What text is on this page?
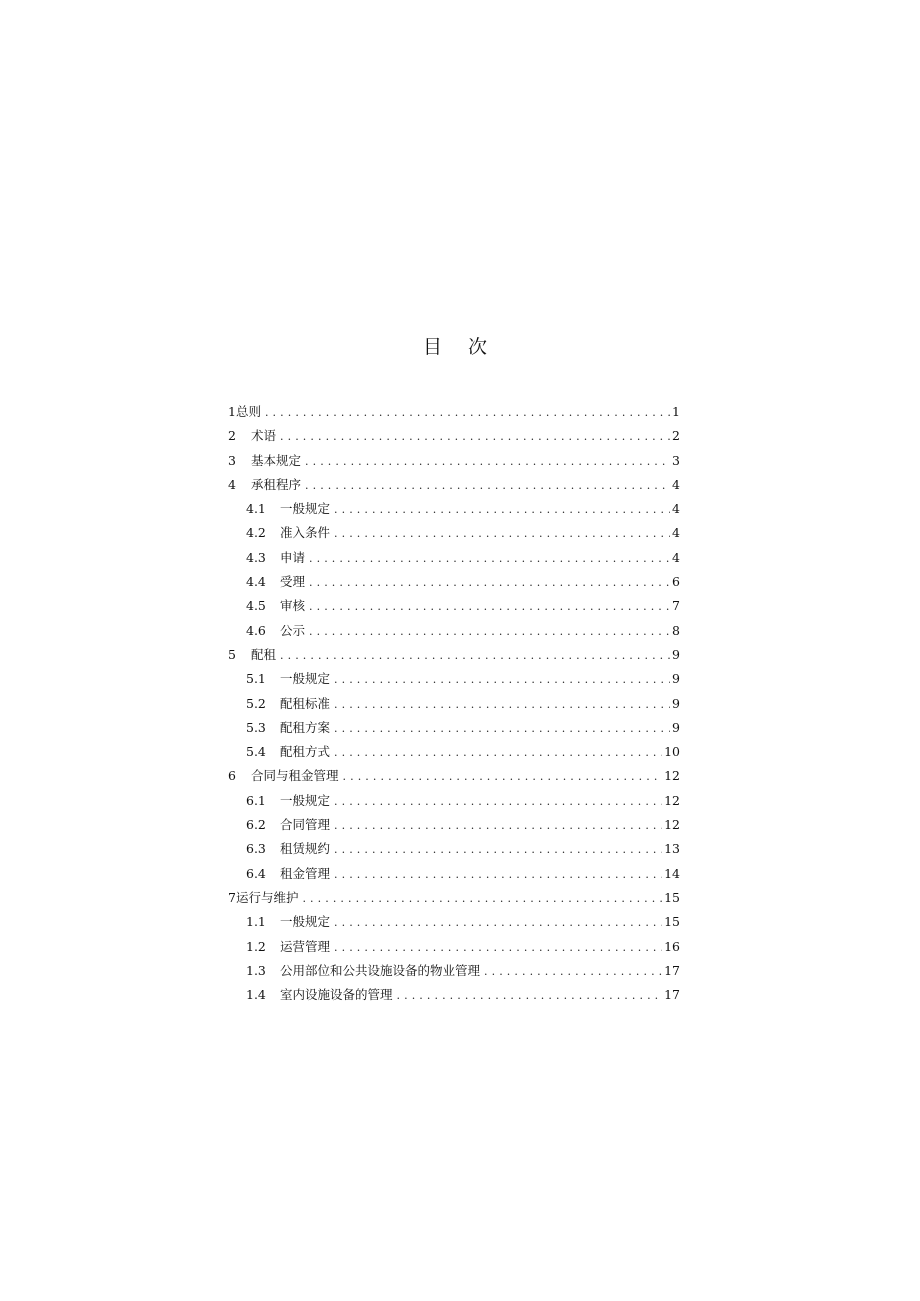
目 次
1 总则 . . .	1
2	术语 . . .	2
3	基本规定 . . .	3
4	承租程序 . . .	4
4.1	一般规定 . . .	4
4.2	准入条件 . . .	4
4.3	申请 . . .	4
4.4	受理 . . .	6
4.5	审核 . . .	7
4.6	公示 . . .	8
5	配租 . . .	9
5.1	一般规定 . . .	9
5.2	配租标准 . . .	9
5.3	配租方案 . . .	9
5.4	配租方式 . . .	10
6	合同与租金管理 . . .	12
6.1	一般规定 . . .	12
6.2	合同管理 . . .	12
6.3	租赁规约 . . .	13
6.4	租金管理 . . .	14
7 运行与维护 . . .	15
1.1	一般规定 . . .	15
1.2	运营管理 . . .	16
1.3	公用部位和公共设施设备的物业管理 . . .	17
1.4	室内设施设备的管理 . . .	17
